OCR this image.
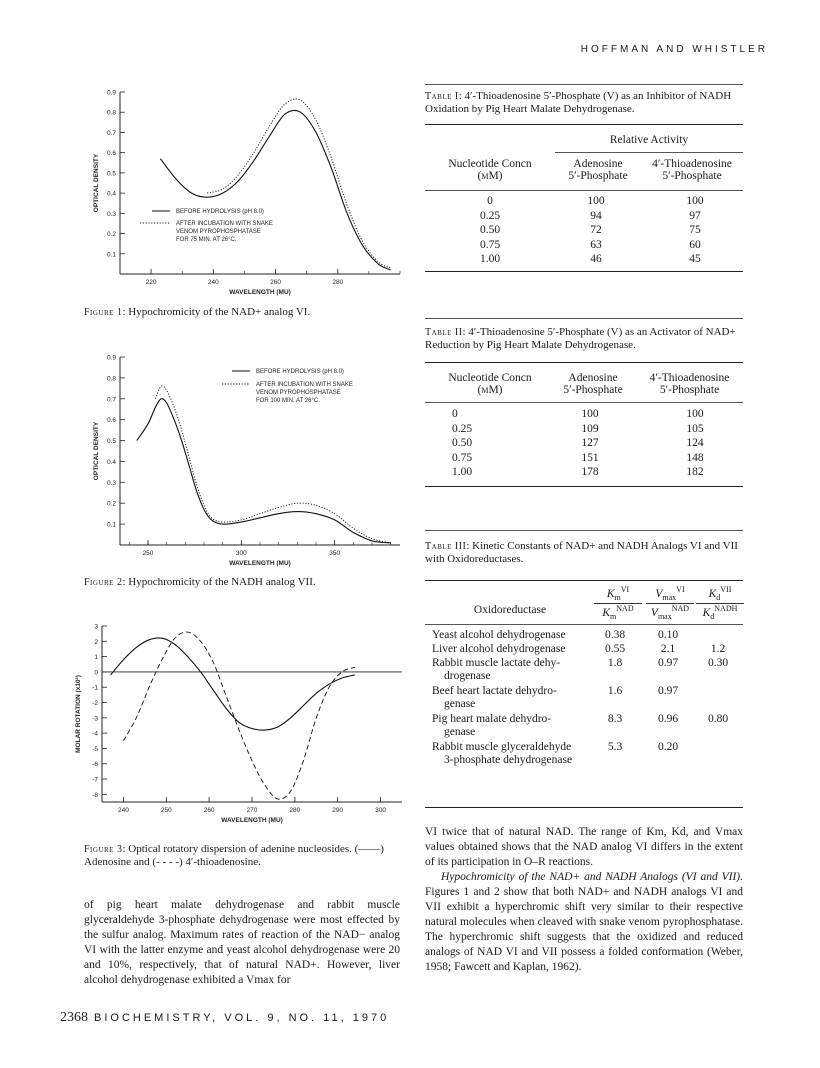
HOFFMAN AND WHISTLER
0.9
0.8
0.7
0.6
0.5
0.4
0.3
0.2
0.1
220	240	260	280
WAVELENGTH (MU)
OPTICAL DENSITY	BEFORE HYDROLYSIS (pH 8.0)
AFTER INCUBATION WITH SNAKE
VENOM PYROPHOSPHATASE
FOR 75 MIN. AT 26°C.
Figure 1: Hypochromicity of the NAD+ analog VI.
0.9
0.8
0.7
0.6
0.5
0.4
0.3
0.2
0.1
250	300	350
WAVELENGTH (MU)
OPTICAL DENSITY
BEFORE HYDROLYSIS (pH 8.0)
AFTER INCUBATION WITH SNAKE
VENOM PYROPHOSPHATASE
FOR 100 MIN. AT 26°C.
Figure 2: Hypochromicity of the NADH analog VII.
3
2
1
0
-1
-2
-3
-4
-5
-6
-7
-8
240	250	260	270	280	290	300
WAVELENGTH (MU)
MOLAR ROTATION (x10³)
Figure 3: Optical rotatory dispersion of adenine nucleosides. (——) Adenosine and (- - - -) 4′-thioadenosine.
of pig heart malate dehydrogenase and rabbit muscle glyceraldehyde 3-phosphate dehydrogenase were most effected by the sulfur analog. Maximum rates of reaction of the NAD− analog VI with the latter enzyme and yeast alcohol dehydrogenase were 20 and 10%, respectively, that of natural NAD+. However, liver alcohol dehydrogenase exhibited a Vmax for
Table I: 4′-Thioadenosine 5′-Phosphate (V) as an Inhibitor of NADH Oxidation by Pig Heart Malate Dehydrogenase.
Relative Activity
Nucleotide Concn
(mM)
Adenosine
5′-Phosphate
4′-Thioadenosine
5′-Phosphate
0	100	100
0.25	94	97
0.50	72	75
0.75	63	60
1.00	46	45
Table II: 4′-Thioadenosine 5′-Phosphate (V) as an Activator of NAD+ Reduction by Pig Heart Malate Dehydrogenase.
Nucleotide Concn
(mM)
Adenosine
5′-Phosphate
4′-Thioadenosine
5′-Phosphate
0	100	100
0.25	109	105
0.50	127	124
0.75	151	148
1.00	178	182
Table III: Kinetic Constants of NAD+ and NADH Analogs VI and VII with Oxidoreductases.
Oxidoreductase
$K_m^{VI}$
$K_m^{NAD}$
$V_{max}^{VI}$
$V_{max}^{NAD}$
$K_d^{VII}$
$K_d^{NADH}$
Yeast alcohol dehydrogenase	0.38	0.10
Liver alcohol dehydrogenase	0.55	2.1	1.2
Rabbit muscle lactate dehy-	1.8	0.97	0.30
drogenase
Beef heart lactate dehydro-	1.6	0.97
genase
Pig heart malate dehydro-	8.3	0.96	0.80
genase
Rabbit muscle glyceraldehyde	5.3	0.20
3-phosphate dehydrogenase
VI twice that of natural NAD. The range of Km, Kd, and Vmax values obtained shows that the NAD analog VI differs in the extent of its participation in O–R reactions.
Hypochromicity of the NAD+ and NADH Analogs (VI and VII). Figures 1 and 2 show that both NAD+ and NADH analogs VI and VII exhibit a hyperchromic shift very similar to their respective natural molecules when cleaved with snake venom pyrophosphatase. The hyperchromic shift suggests that the oxidized and reduced analogs of NAD VI and VII possess a folded conformation (Weber, 1958; Fawcett and Kaplan, 1962).
2368 BIOCHEMISTRY, VOL. 9, NO. 11, 1970
